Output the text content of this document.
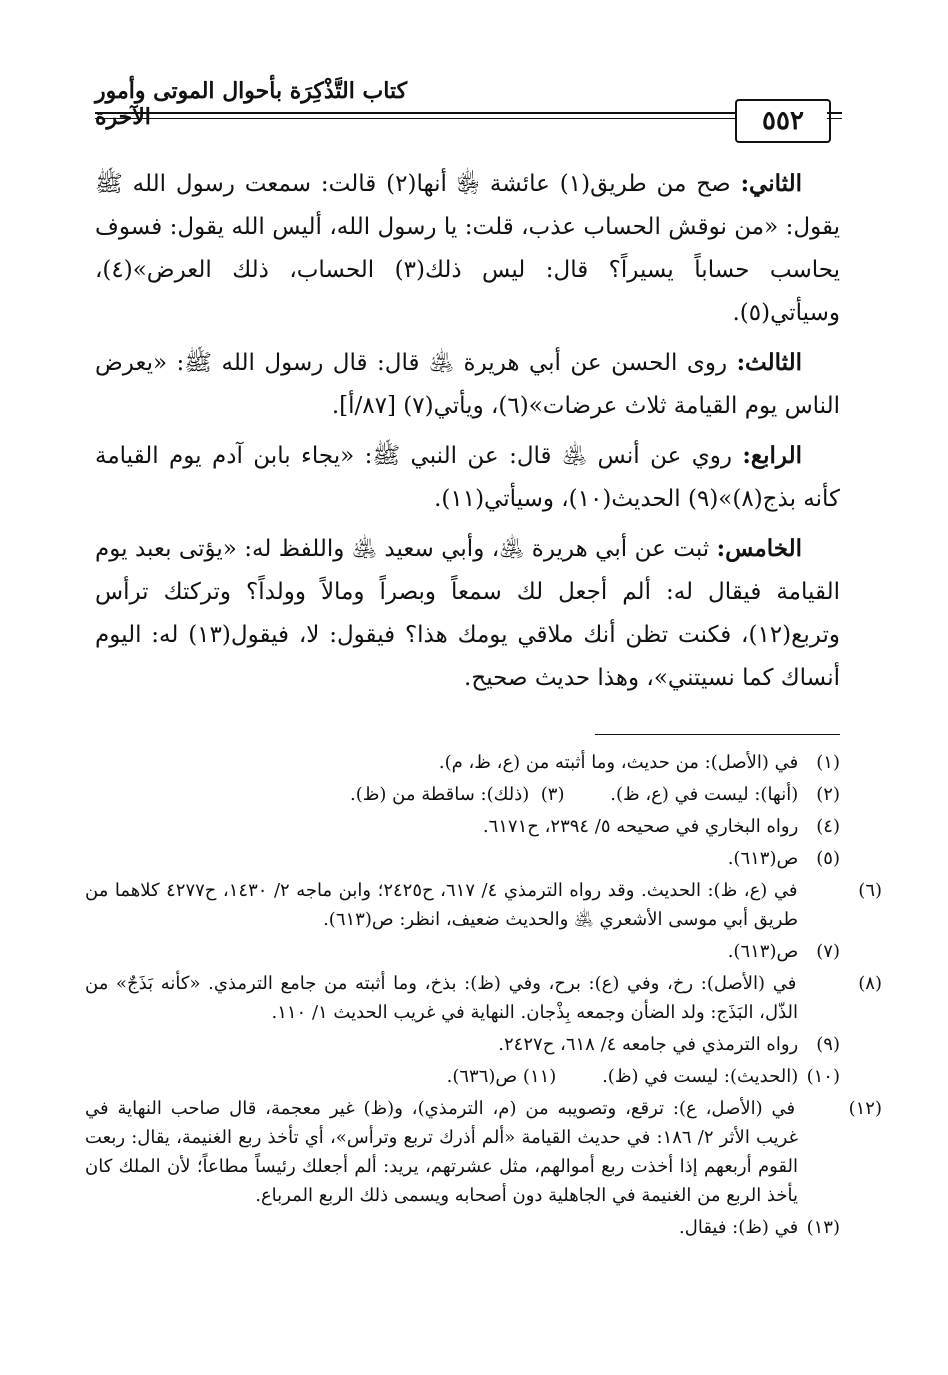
كتاب التَّذْكِرَة بأحوال الموتى وأمور الآخرة	٥٥٢

الثاني: صح من طريق(١) عائشة ﵂ أنها(٢) قالت: سمعت رسول الله ﷺ يقول: «من نوقش الحساب عذب، قلت: يا رسول الله، أليس الله يقول: فسوف يحاسب حساباً يسيراً؟ قال: ليس ذلك(٣) الحساب، ذلك العرض»(٤)، وسيأتي(٥).

الثالث: روى الحسن عن أبي هريرة ﵁ قال: قال رسول الله ﷺ: «يعرض الناس يوم القيامة ثلاث عرضات»(٦)، ويأتي(٧) [٨٧/أ].

الرابع: روي عن أنس ﵁ قال: عن النبي ﷺ: «يجاء بابن آدم يوم القيامة كأنه بذج(٨)»(٩) الحديث(١٠)، وسيأتي(١١).

الخامس: ثبت عن أبي هريرة ﵁، وأبي سعيد ﵁ واللفظ له: «يؤتى بعبد يوم القيامة فيقال له: ألم أجعل لك سمعاً وبصراً ومالاً وولداً؟ وتركتك ترأس وتربع(١٢)، فكنت تظن أنك ملاقي يومك هذا؟ فيقول: لا، فيقول(١٣) له: اليوم أنساك كما نسيتني»، وهذا حديث صحيح.

(١) في (الأصل): من حديث، وما أثبته من (ع، ظ، م).
(٢) (أنها): ليست في (ع، ظ).        (٣)  (ذلك): ساقطة من (ظ).
(٤) رواه البخاري في صحيحه ٥/ ٢٣٩٤، ح٦١٧١.
(٥) ص(٦١٣).
(٦) في (ع، ظ): الحديث. وقد رواه الترمذي ٤/ ٦١٧، ح٢٤٢٥؛ وابن ماجه ٢/ ١٤٣٠، ح٤٢٧٧ كلاهما من طريق أبي موسى الأشعري ﵁ والحديث ضعيف، انظر: ص(٦١٣).
(٧) ص(٦١٣).
(٨) في (الأصل): رخ، وفي (ع): برح، وفي (ظ): بذخ، وما أثبته من جامع الترمذي. «كأنه بَذَجٌ» من الذّل، البَذَج: ولد الضأن وجمعه بِذْجان. النهاية في غريب الحديث ١/ ١١٠.
(٩) رواه الترمذي في جامعه ٤/ ٦١٨، ح٢٤٢٧.
(١٠) (الحديث): ليست في (ظ).        (١١) ص(٦٣٦).
(١٢) في (الأصل، ع): ترقع، وتصويبه من (م، الترمذي)، و(ظ) غير معجمة، قال صاحب النهاية في غريب الأثر ٢/ ١٨٦: في حديث القيامة «ألم أذرك تربع وترأس»، أي تأخذ ربع الغنيمة، يقال: ربعت القوم أربعهم إذا أخذت ربع أموالهم، مثل عشرتهم، يريد: ألم أجعلك رئيساً مطاعاً؛ لأن الملك كان يأخذ الربع من الغنيمة في الجاهلية دون أصحابه ويسمى ذلك الربع المرباع.
(١٣) في (ظ): فيقال.
